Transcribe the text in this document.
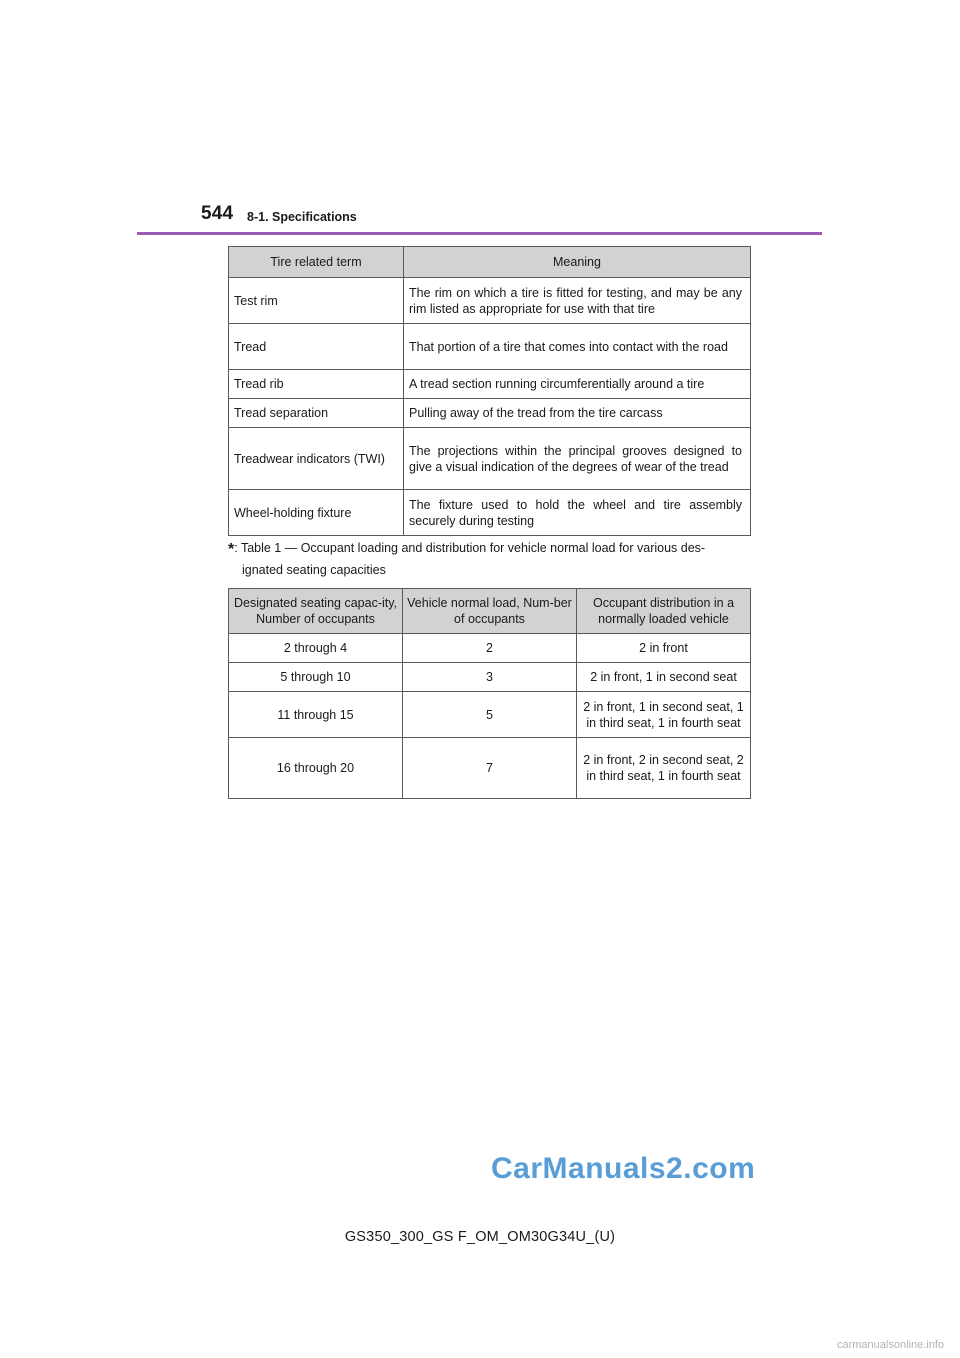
544 8-1. Specifications
Tire related term	Meaning
Test rim	The rim on which a tire is fitted for testing, and may be any rim listed as appropriate for use with that tire
Tread	That portion of a tire that comes into contact with the road
Tread rib	A tread section running circumferentially around a tire
Tread separation	Pulling away of the tread from the tire carcass
Treadwear indicators (TWI)	The projections within the principal grooves designed to give a visual indication of the degrees of wear of the tread
Wheel-holding fixture	The fixture used to hold the wheel and tire assembly securely during testing
*: Table 1 — Occupant loading and distribution for vehicle normal load for various des-
ignated seating capacities
Designated seating capac-ity, Number of occupants	Vehicle normal load, Num-ber of occupants	Occupant distribution in a normally loaded vehicle
2 through 4	2	2 in front
5 through 10	3	2 in front, 1 in second seat
11 through 15	5	2 in front, 1 in second seat, 1 in third seat, 1 in fourth seat
16 through 20	7	2 in front, 2 in second seat, 2 in third seat, 1 in fourth seat
CarManuals2.com
GS350_300_GS F_OM_OM30G34U_(U)
carmanualsonline.info
